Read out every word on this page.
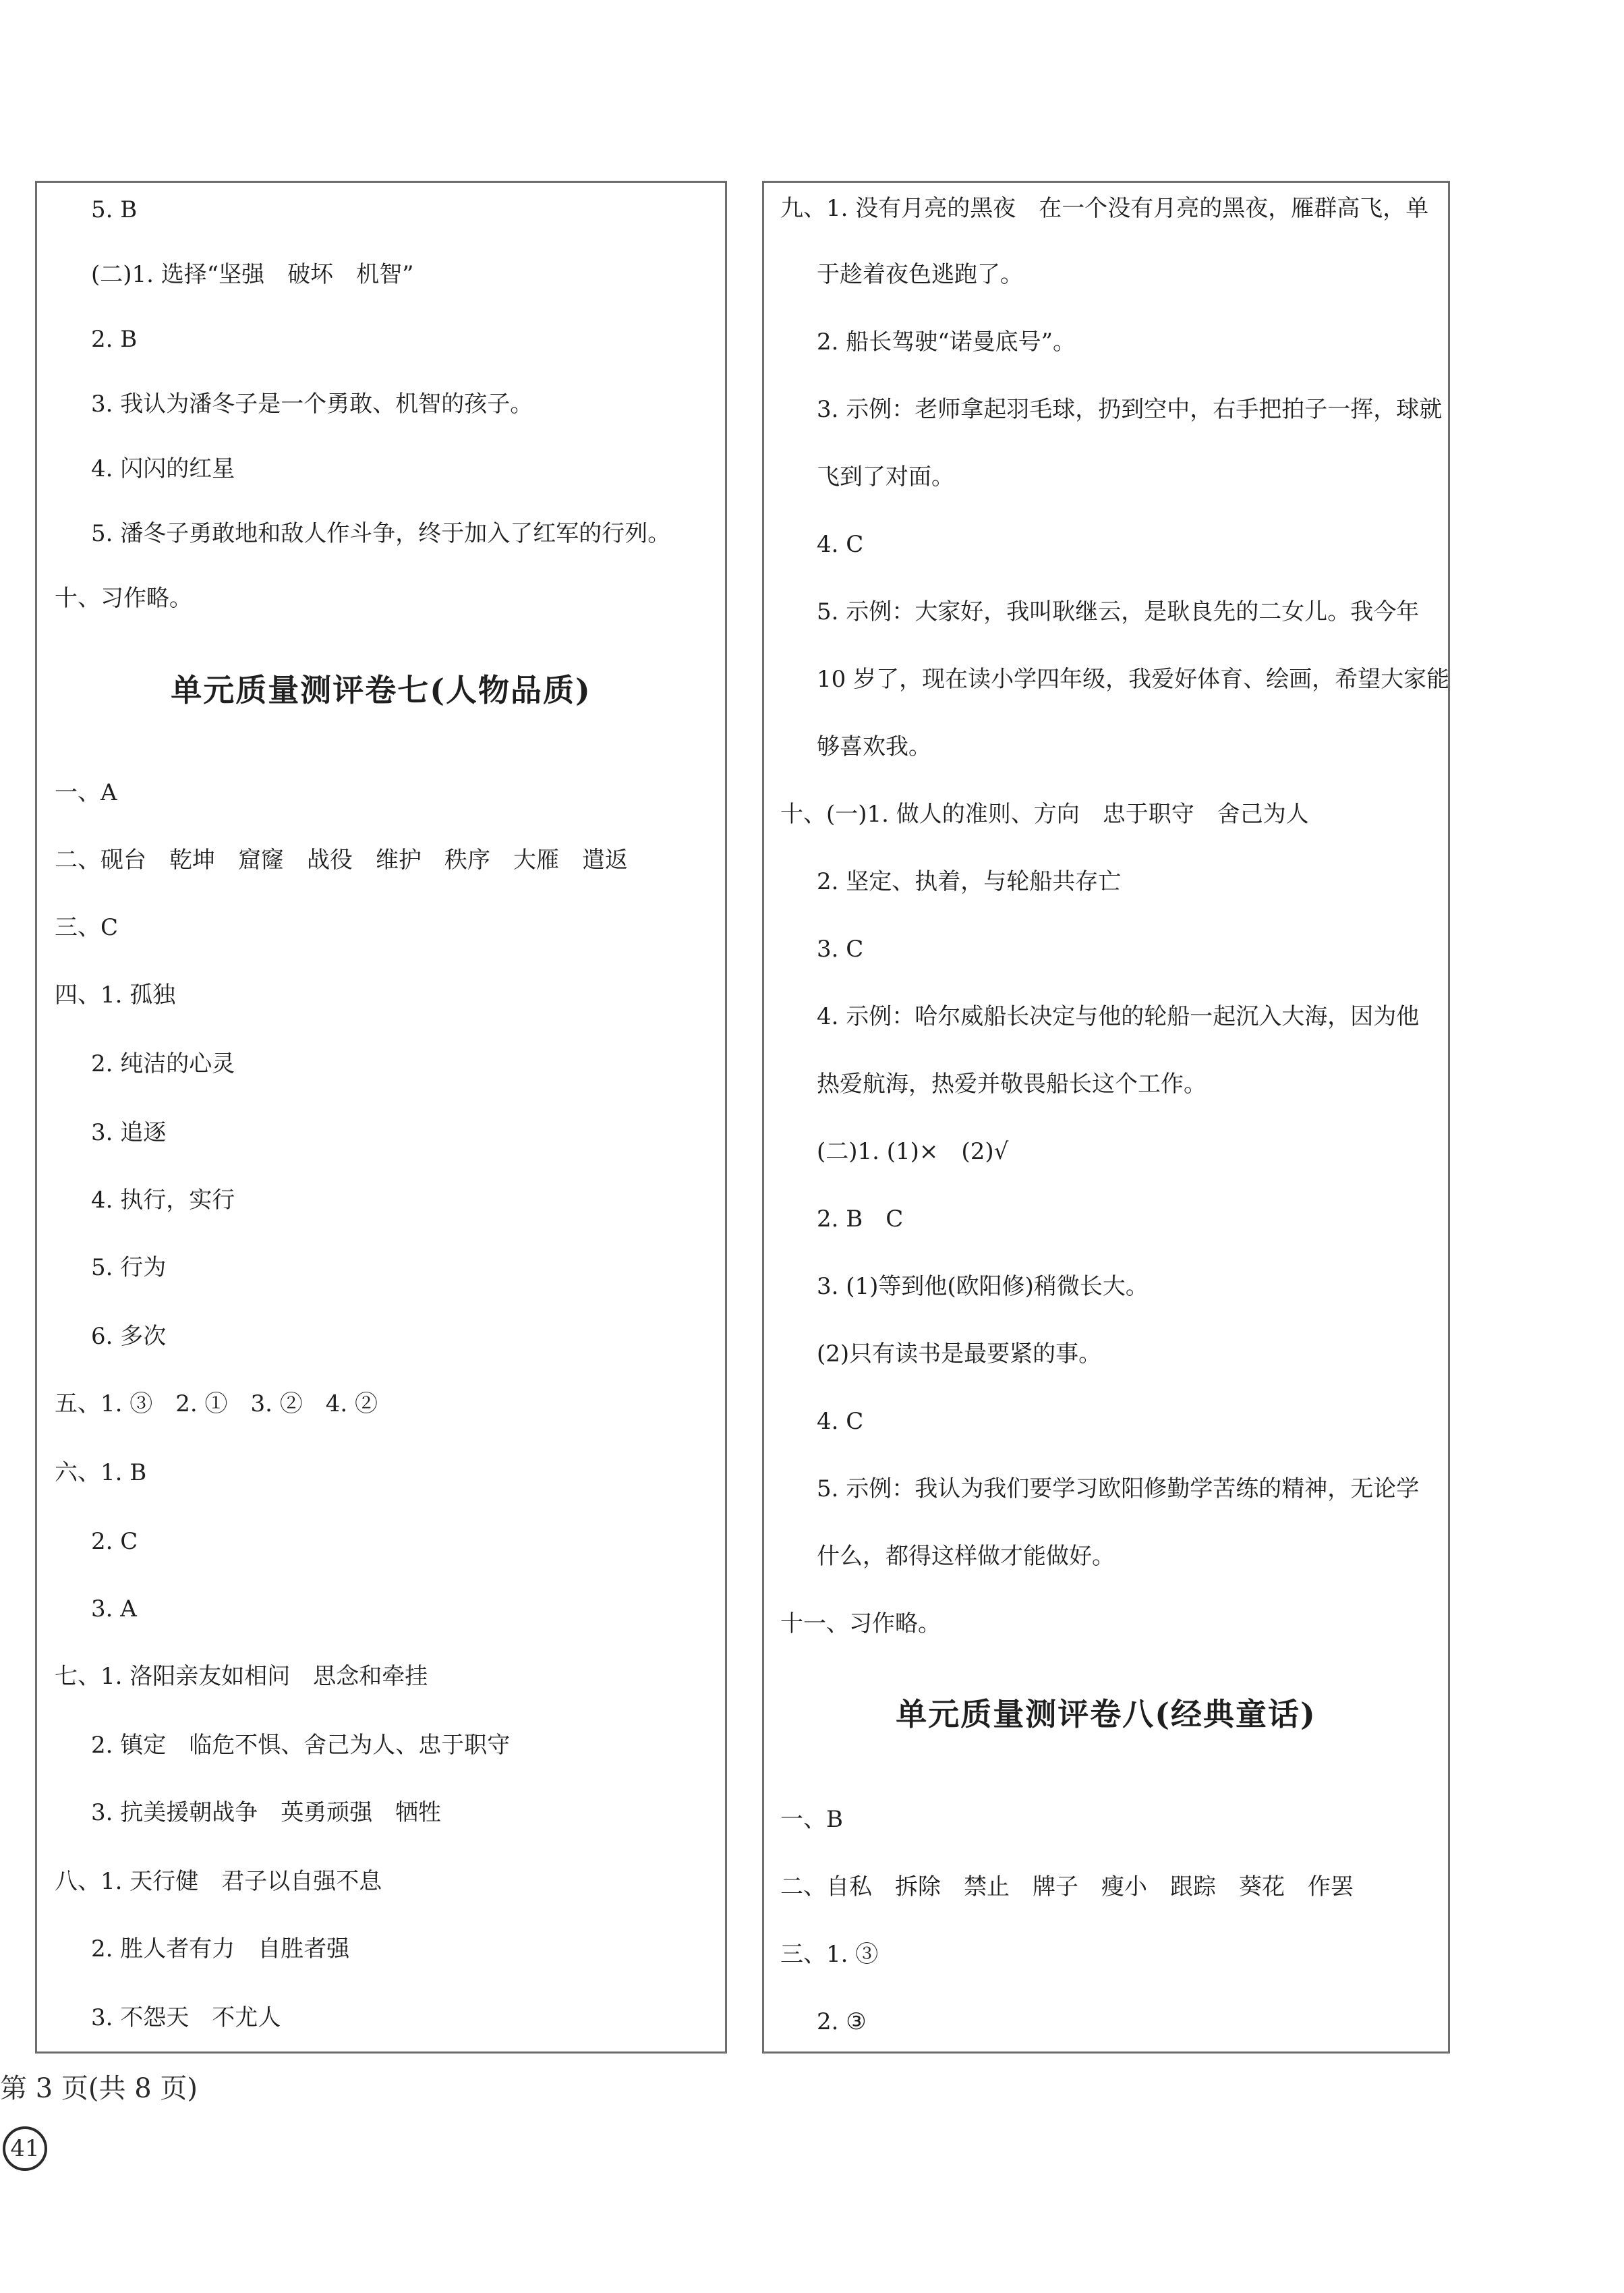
5. B
(二)1. 选择“坚强　破坏　机智”
2. B
3. 我认为潘冬子是一个勇敢、机智的孩子。
4. 闪闪的红星
5. 潘冬子勇敢地和敌人作斗争，终于加入了红军的行列。
十、习作略。
单元质量测评卷七(人物品质)
一、A
二、砚台　乾坤　窟窿　战役　维护　秩序　大雁　遣返
三、C
四、1. 孤独
2. 纯洁的心灵
3. 追逐
4. 执行，实行
5. 行为
6. 多次
五、1. ③　2. ①　3. ②　4. ②
六、1. B
2. C
3. A
七、1. 洛阳亲友如相问　思念和牵挂
2. 镇定　临危不惧、舍己为人、忠于职守
3. 抗美援朝战争　英勇顽强　牺牲
八、1. 天行健　君子以自强不息
2. 胜人者有力　自胜者强
3. 不怨天　不尤人
九、1. 没有月亮的黑夜　在一个没有月亮的黑夜，雁群高飞，单
于趁着夜色逃跑了。
2. 船长驾驶“诺曼底号”。
3. 示例：老师拿起羽毛球，扔到空中，右手把拍子一挥，球就
飞到了对面。
4. C
5. 示例：大家好，我叫耿继云，是耿良先的二女儿。我今年
10 岁了，现在读小学四年级，我爱好体育、绘画，希望大家能
够喜欢我。
十、(一)1. 做人的准则、方向　忠于职守　舍己为人
2. 坚定、执着，与轮船共存亡
3. C
4. 示例：哈尔威船长决定与他的轮船一起沉入大海，因为他
热爱航海，热爱并敬畏船长这个工作。
(二)1. (1)×　(2)√
2. B　C
3. (1)等到他(欧阳修)稍微长大。
(2)只有读书是最要紧的事。
4. C
5. 示例：我认为我们要学习欧阳修勤学苦练的精神，无论学
什么，都得这样做才能做好。
十一、习作略。
单元质量测评卷八(经典童话)
一、B
二、自私　拆除　禁止　牌子　瘦小　跟踪　葵花　作罢
三、1. ③
2. ③
第 3 页(共 8 页)
41
